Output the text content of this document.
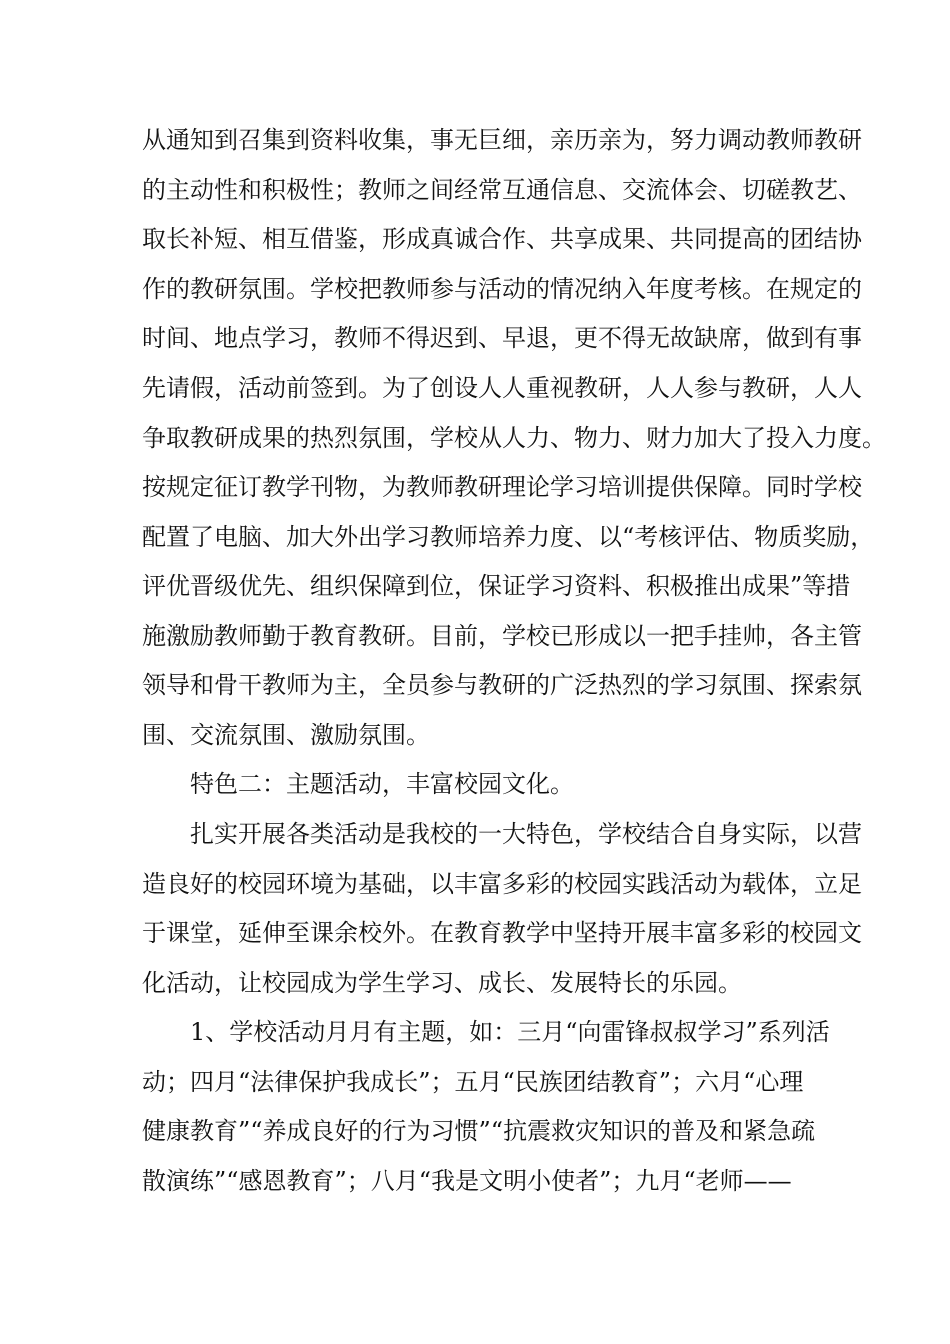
从通知到召集到资料收集，事无巨细，亲历亲为，努力调动教师教研
的主动性和积极性；教师之间经常互通信息、交流体会、切磋教艺、
取长补短、相互借鉴，形成真诚合作、共享成果、共同提高的团结协
作的教研氛围。学校把教师参与活动的情况纳入年度考核。在规定的
时间、地点学习，教师不得迟到、早退，更不得无故缺席，做到有事
先请假，活动前签到。为了创设人人重视教研，人人参与教研，人人
争取教研成果的热烈氛围，学校从人力、物力、财力加大了投入力度。
按规定征订教学刊物，为教师教研理论学习培训提供保障。同时学校
配置了电脑、加大外出学习教师培养力度、以“考核评估、物质奖励，
评优晋级优先、组织保障到位，保证学习资料、积极推出成果”等措
施激励教师勤于教育教研。目前，学校已形成以一把手挂帅，各主管
领导和骨干教师为主，全员参与教研的广泛热烈的学习氛围、探索氛
围、交流氛围、激励氛围。
特色二：主题活动，丰富校园文化。
扎实开展各类活动是我校的一大特色，学校结合自身实际，以营
造良好的校园环境为基础，以丰富多彩的校园实践活动为载体，立足
于课堂，延伸至课余校外。在教育教学中坚持开展丰富多彩的校园文
化活动，让校园成为学生学习、成长、发展特长的乐园。
1、学校活动月月有主题，如：三月“向雷锋叔叔学习”系列活
动；四月“法律保护我成长”；五月“民族团结教育”；六月“心理
健康教育”“养成良好的行为习惯”“抗震救灾知识的普及和紧急疏
散演练”“感恩教育”；八月“我是文明小使者”；九月“老师——
